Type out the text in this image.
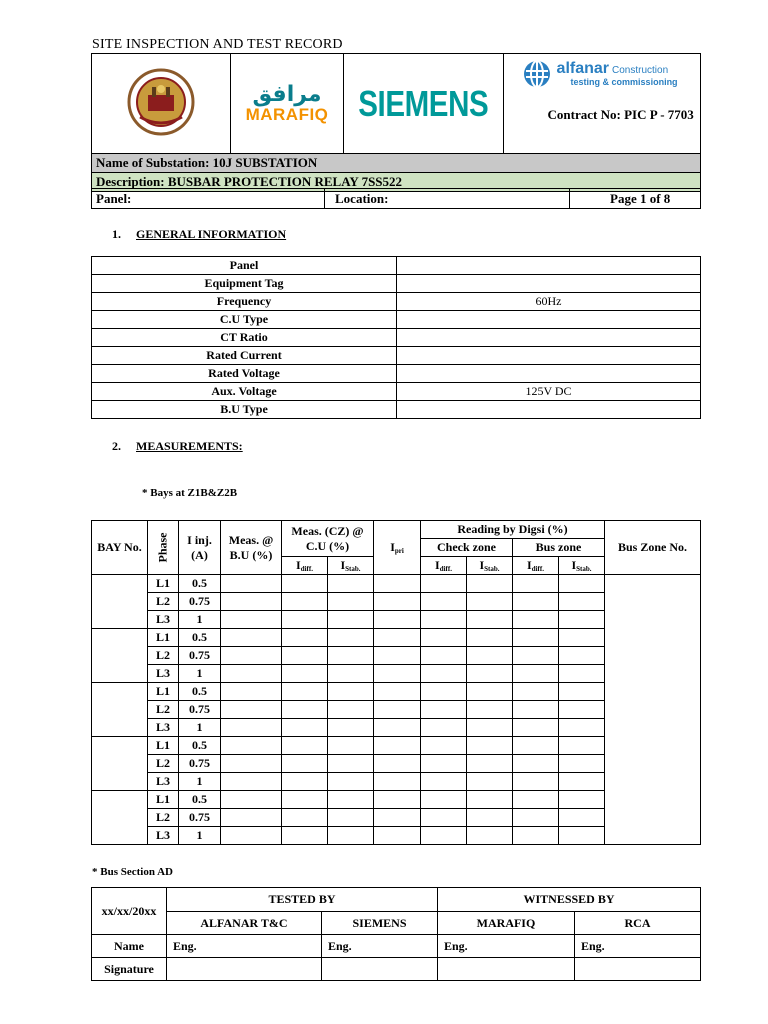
SITE INSPECTION AND TEST RECORD

مرافق
MARAFIQ	SIEMENS

alfanar Construction
testing & commissioning
Contract No: PIC P - 7703

Name of Substation: 10J SUBSTATION
Description: BUSBAR PROTECTION RELAY 7SS522
Panel:	Location:	Page 1 of 8
1. GENERAL INFORMATION
Panel	
Equipment Tag	
Frequency	60Hz
C.U Type	
CT Ratio	
Rated Current	
Rated Voltage	
Aux. Voltage	125V DC
B.U Type	
2. MEASUREMENTS:
* Bays at Z1B&Z2B
BAY No.	Phase	I inj. (A)	Meas. @ B.U (%)	Meas. (CZ) @ C.U (%)		$I_{pri}$	Reading by Digsi (%)				Bus Zone No.
							Check zone		Bus zone		
				$I_{diff.}$	$I_{Stab.}$		$I_{diff.}$	$I_{Stab.}$	$I_{diff.}$	$I_{Stab.}$
	L1	0.5									
	L2	0.75									
	L3	1									
	L1	0.5									
	L2	0.75									
	L3	1									
	L1	0.5									
	L2	0.75									
	L3	1									
	L1	0.5									
	L2	0.75									
	L3	1									
	L1	0.5									
	L2	0.75									
	L3	1									
* Bus Section AD
xx/xx/20xx	TESTED BY		WITNESSED BY	
	ALFANAR T&C	SIEMENS	MARAFIQ	RCA
Name	Eng.	Eng.	Eng.	Eng.
Signature				
